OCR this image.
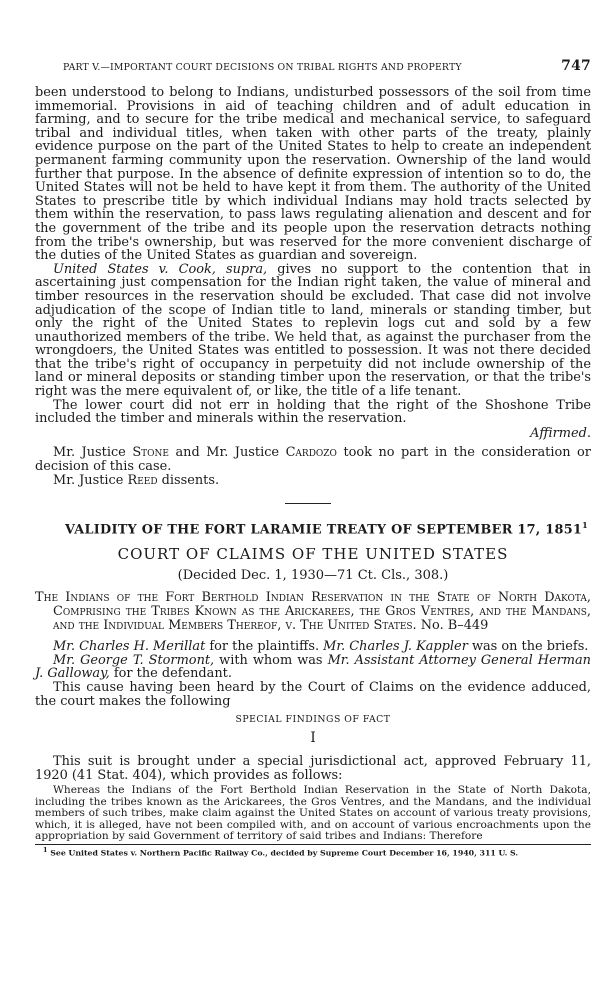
PART V.—IMPORTANT COURT DECISIONS ON TRIBAL RIGHTS AND PROPERTY	747

been understood to belong to Indians, undisturbed possessors of the soil from time immemorial. Provisions in aid of teaching children and of adult education in farming, and to secure for the tribe medical and mechanical service, to safeguard tribal and individual titles, when taken with other parts of the treaty, plainly evidence purpose on the part of the United States to help to create an independent permanent farming community upon the reservation. Ownership of the land would further that purpose. In the absence of definite expression of intention so to do, the United States will not be held to have kept it from them. The authority of the United States to prescribe title by which individual Indians may hold tracts selected by them within the reservation, to pass laws regulating alienation and descent and for the government of the tribe and its people upon the reservation detracts nothing from the tribe's ownership, but was reserved for the more convenient discharge of the duties of the United States as guardian and sovereign.

United States v. Cook, supra, gives no support to the contention that in ascertaining just compensation for the Indian right taken, the value of mineral and timber resources in the reservation should be excluded. That case did not involve adjudication of the scope of Indian title to land, minerals or standing timber, but only the right of the United States to replevin logs cut and sold by a few unauthorized members of the tribe. We held that, as against the purchaser from the wrongdoers, the United States was entitled to possession. It was not there decided that the tribe's right of occupancy in perpetuity did not include ownership of the land or mineral deposits or standing timber upon the reservation, or that the tribe's right was the mere equivalent of, or like, the title of a life tenant.

The lower court did not err in holding that the right of the Shoshone Tribe included the timber and minerals within the reservation.

Affirmed.

Mr. Justice Stone and Mr. Justice Cardozo took no part in the consideration or decision of this case.

Mr. Justice Reed dissents.

VALIDITY OF THE FORT LARAMIE TREATY OF SEPTEMBER 17, 1851$^1$
COURT OF CLAIMS OF THE UNITED STATES
(Decided Dec. 1, 1930—71 Ct. Cls., 308.)
The Indians of the Fort Berthold Indian Reservation in the State of North Dakota, Comprising the Tribes Known as the Arickarees, the Gros Ventres, and the Mandans, and the Individual Members Thereof, v. The United States. No. B–449

Mr. Charles H. Merillat for the plaintiffs. Mr. Charles J. Kappler was on the briefs.

Mr. George T. Stormont, with whom was Mr. Assistant Attorney General Herman J. Galloway, for the defendant.

This cause having been heard by the Court of Claims on the evidence adduced, the court makes the following

SPECIAL FINDINGS OF FACT
I

This suit is brought under a special jurisdictional act, approved February 11, 1920 (41 Stat. 404), which provides as follows:

Whereas the Indians of the Fort Berthold Indian Reservation in the State of North Dakota, including the tribes known as the Arickarees, the Gros Ventres, and the Mandans, and the individual members of such tribes, make claim against the United States on account of various treaty provisions, which, it is alleged, have not been compiled with, and on account of various encroachments upon the appropriation by said Government of territory of said tribes and Indians: Therefore

$^1$ See United States v. Northern Pacific Railway Co., decided by Supreme Court December 16, 1940, 311 U. S.
